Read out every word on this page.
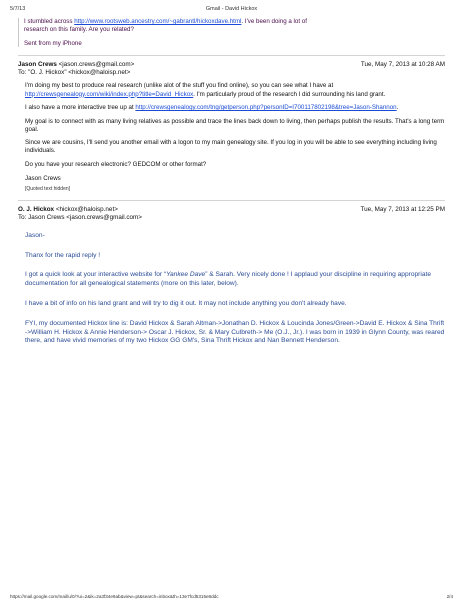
5/7/13	Gmail - David Hickox
I stumbled across http://www.rootsweb.ancestry.com/~gabrantl/hickoxdave.html. I've been doing a lot of
research on this family. Are you related?
Sent from my iPhone
Jason Crews <jason.crews@gmail.com>	Tue, May 7, 2013 at 10:28 AM
To: "O. J. Hickox" <hickox@haloisp.net>

I'm doing my best to produce real research (unlike alot of the stuff you find online), so you can see what I have at http://crewsgenealogy.com/wiki/index.php?title=David_Hickox. I'm particularly proud of the research I did surrounding his land grant.

I also have a more interactive tree up at http://crewsgenealogy.com/tng/getperson.php?personID=I700117802198&tree=Jason-Shannon.

My goal is to connect with as many living relatives as possible and trace the lines back down to living, then perhaps publish the results. That's a long term goal.

Since we are cousins, I'll send you another email with a logon to my main genealogy site. If you log in you will be able to see everything including living individuals.

Do you have your research electronic? GEDCOM or other format?

Jason Crews

[Quoted text hidden]
O. J. Hickox <hickox@haloisp.net>	Tue, May 7, 2013 at 12:25 PM
To: Jason Crews <jason.crews@gmail.com>

Jason-

Thanx for the rapid reply !

I got a quick look at your interactive website for “Yankee Dave” & Sarah. Very nicely done ! I applaud your discipline in requiring appropriate documentation for all genealogical statements (more on this later, below).

I have a bit of info on his land grant and will try to dig it out. It may not include anything you don't already have.

FYI, my documented Hickox line is: David Hickox & Sarah Altman->Jonathan D. Hickox & Loucinda Jones/Green->David E. Hickox & Sina Thrift ->William H. Hickox & Annie Henderson-> Oscar J. Hickox, Sr. & Mary Culbreth-> Me (O.J., Jr.). I was born in 1939 in Glynn County, was reared there, and have vivid memories of my two Hickox GG GM's, Sina Thrift Hickox and Nan Bennett Henderson.

https://mail.google.com/mail/u/0/?ui=2&ik=2a3f34e9ab&view=pt&search=inbox&th=13e7fcd5315e8ddc	2/4
